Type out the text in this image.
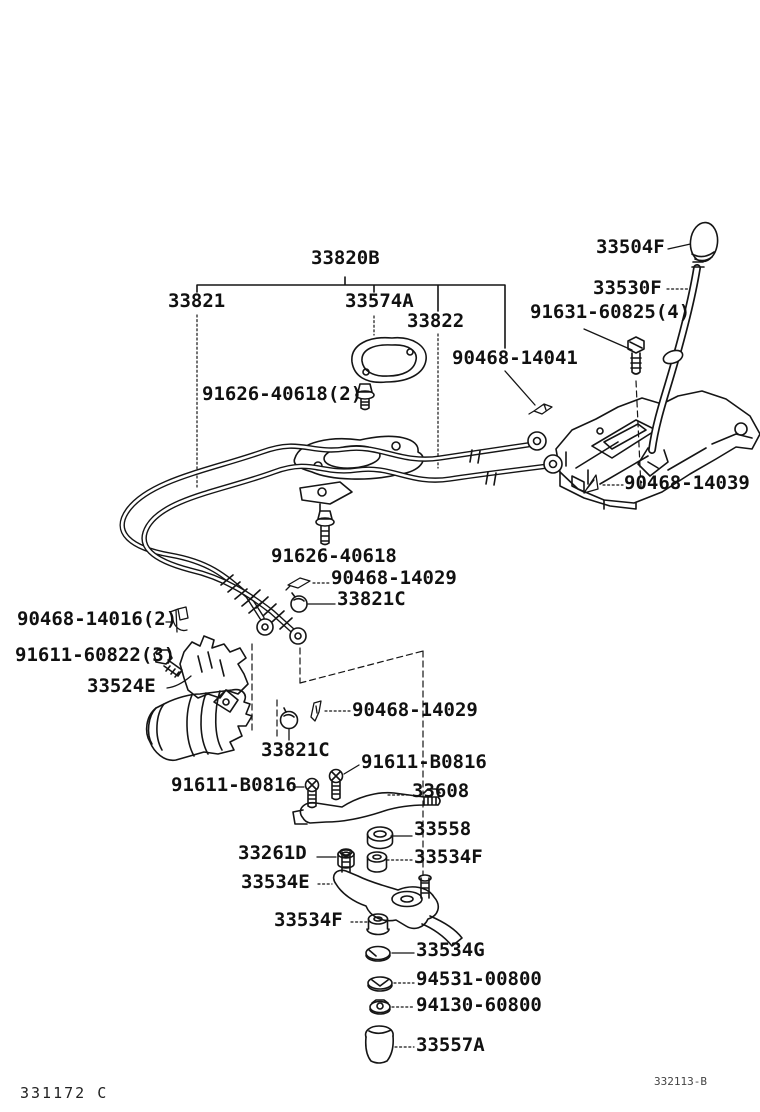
33820B
33821	33574A
33822
33504F
33530F
91631-60825(4)
90468-14041
91626-40618(2)
90468-14039
91626-40618
90468-14029
33821C
90468-14016(2)
91611-60822(3)
33524E
90468-14029
33821C
91611-B0816
91611-B0816
33608
33558
33261D	33534F
33534E
33534F
33534G
94531-00800
94130-60800
33557A
331172 C
332113-B
